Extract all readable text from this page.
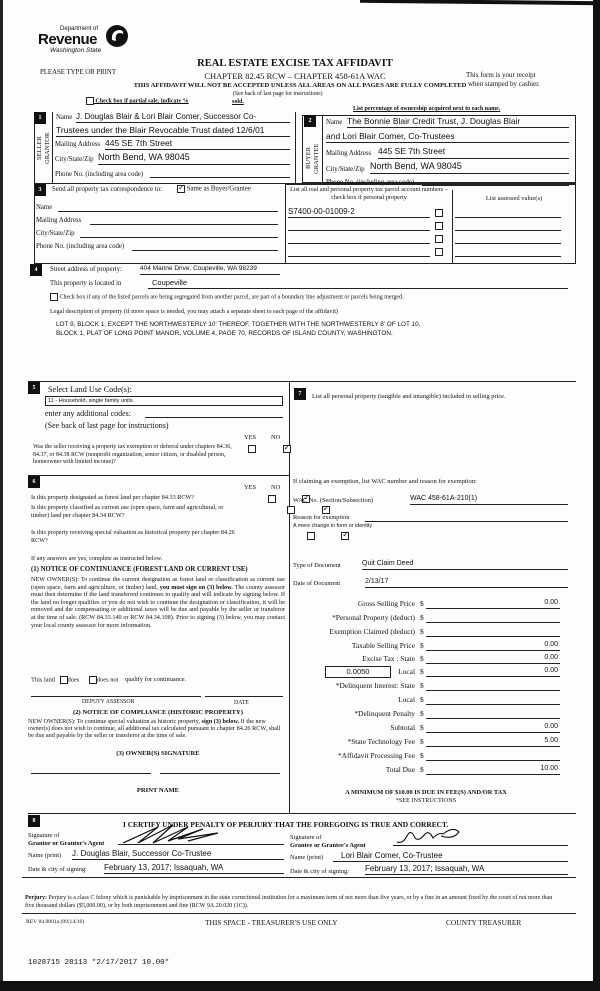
Department of
Revenue
Washington State
PLEASE TYPE OR PRINT
REAL ESTATE EXCISE TAX AFFIDAVIT
CHAPTER 82.45 RCW – CHAPTER 458-61A WAC
THIS AFFIDAVIT WILL NOT BE ACCEPTED UNLESS ALL AREAS ON ALL PAGES ARE FULLY COMPLETED
This form is your receipt
when stamped by cashier.
(See back of last page for instructions)
Check box if partial sale, indicate %	sold.
List percentage of ownership acquired next to each name.
1
SELLER GRANTOR
Name J. Douglas Blair & Lori Blair Comer, Successor Co-
Trustees under the Blair Revocable Trust dated 12/6/01
Mailing Address 445 SE 7th Street
City/State/Zip North Bend, WA 98045
Phone No. (including area code)
2
BUYER GRANTEE
Name The Bonnie Blair Credit Trust, J. Douglas Blair
and Lori Blair Comer, Co-Trustees
Mailing Address 445 SE 7th Street
City/State/Zip North Bend, WA 98045
3	Send all property tax correspondence to: ✓	Same as Buyer/Grantee
Name
Mailing Address
City/State/Zip
Phone No. (including area code)
List all real and personal property tax parcel account numbers – check box if personal property	List assessed value(s)
S7400-00-01009-2
4	Street address of property:	404 Marine Drive, Coupeville, WA 98239
This property is located in	Coupeville
Check box if any of the listed parcels are being segregated from another parcel, are part of a boundary line adjustment or parcels being merged.
Legal description of property (if more space is needed, you may attach a separate sheet to each page of the affidavit)
LOT 9, BLOCK 1, EXCEPT THE NORTHWESTERLY 10' THEREOF, TOGETHER WITH THE NORTHWESTERLY 8' OF LOT 10,
BLOCK 1, PLAT OF LONG POINT MANOR, VOLUME 4, PAGE 70, RECORDS OF ISLAND COUNTY, WASHINGTON.
5	Select Land Use Code(s):
11 - Household, single family units
enter any additional codes:
(See back of last page for instructions)
YES NO
Was the seller receiving a property tax exemption or deferral under chapters 84.36, 84.37, or 84.38 RCW (nonprofit organization, senior citizen, or disabled person, homeowner with limited income)?
✓
6
YES NO
Is this property designated as forest land per chapter 84.33 RCW?
✓
Is this property classified as current use (open space, farm and agricultural, or timber) land per chapter 84.34 RCW?
✓
Is this property receiving special valuation as historical property per chapter 84.26 RCW?
✓
If any answers are yes, complete as instructed below.
(1) NOTICE OF CONTINUANCE (FOREST LAND OR CURRENT USE)
NEW OWNER(S): To continue the current designation as forest land or classification as current use (open space, farm and agriculture, or timber) land, you must sign on (3) below. The county assessor must then determine if the land transferred continues to qualify and will indicate by signing below. If the land no longer qualifies or you do not wish to continue the designation or classification, it will be removed and the compensating or additional taxes will be due and payable by the seller or transferor at the time of sale. (RCW 84.33.140 or RCW 84.34.108). Prior to signing (3) below, you may contact your local county assessor for more information.
This land does	does not qualify for continuance.
DEPUTY ASSESSOR	DATE
(2) NOTICE OF COMPLIANCE (HISTORIC PROPERTY)
NEW OWNER(S): To continue special valuation as historic property, sign (3) below. If the new owner(s) does not wish to continue, all additional tax calculated pursuant to chapter 84.26 RCW, shall be due and payable by the seller or transferor at the time of sale.
(3) OWNER(S) SIGNATURE
PRINT NAME
7	List all personal property (tangible and intangible) included in selling price.
If claiming an exemption, list WAC number and reason for exemption:
WAC No. (Section/Subsection)	WAC 458-61A-210(1)
Reason for exemption
A mere change in form or identity
Type of Document	Quit Claim Deed
Date of Document	2/13/17
Gross Selling Price $	0.00
*Personal Property (deduct) $
Exemption Claimed (deduct) $
Taxable Selling Price $	0.00
Excise Tax : State $	0.00
0.0050	Local $	0.00
*Delinquent Interest: State $
Local $
*Delinquent Penalty $
Subtotal $	0.00
*State Technology Fee $	5.00
*Affidavit Processing Fee $
Total Due $	10.00
A MINIMUM OF $10.00 IS DUE IN FEE(S) AND/OR TAX
*SEE INSTRUCTIONS
8	I CERTIFY UNDER PENALTY OF PERJURY THAT THE FOREGOING IS TRUE AND CORRECT.
Signature of
Grantor or Grantor's Agent
Name (print) J. Douglas Blair, Successor Co-Trustee
Date & city of signing: February 13, 2017; Issaquah, WA
Signature of
Grantee or Grantee's Agent
Name (print)	Lori Blair Comer, Co-Trustee
Date & city of signing: February 13, 2017; Issaquah, WA
Perjury: Perjury is a class C felony which is punishable by imprisonment in the state correctional institution for a maximum term of not more than five years, or by a fine in an amount fixed by the court of not more than five thousand dollars ($5,000.00), or by both imprisonment and fine (RCW 9A.20.020 (1C)).
REV 84 0001a (09/14/16)	THIS SPACE - TREASURER'S USE ONLY	COUNTY TREASURER
1028715 28113 *2/17/2017 10.00*
